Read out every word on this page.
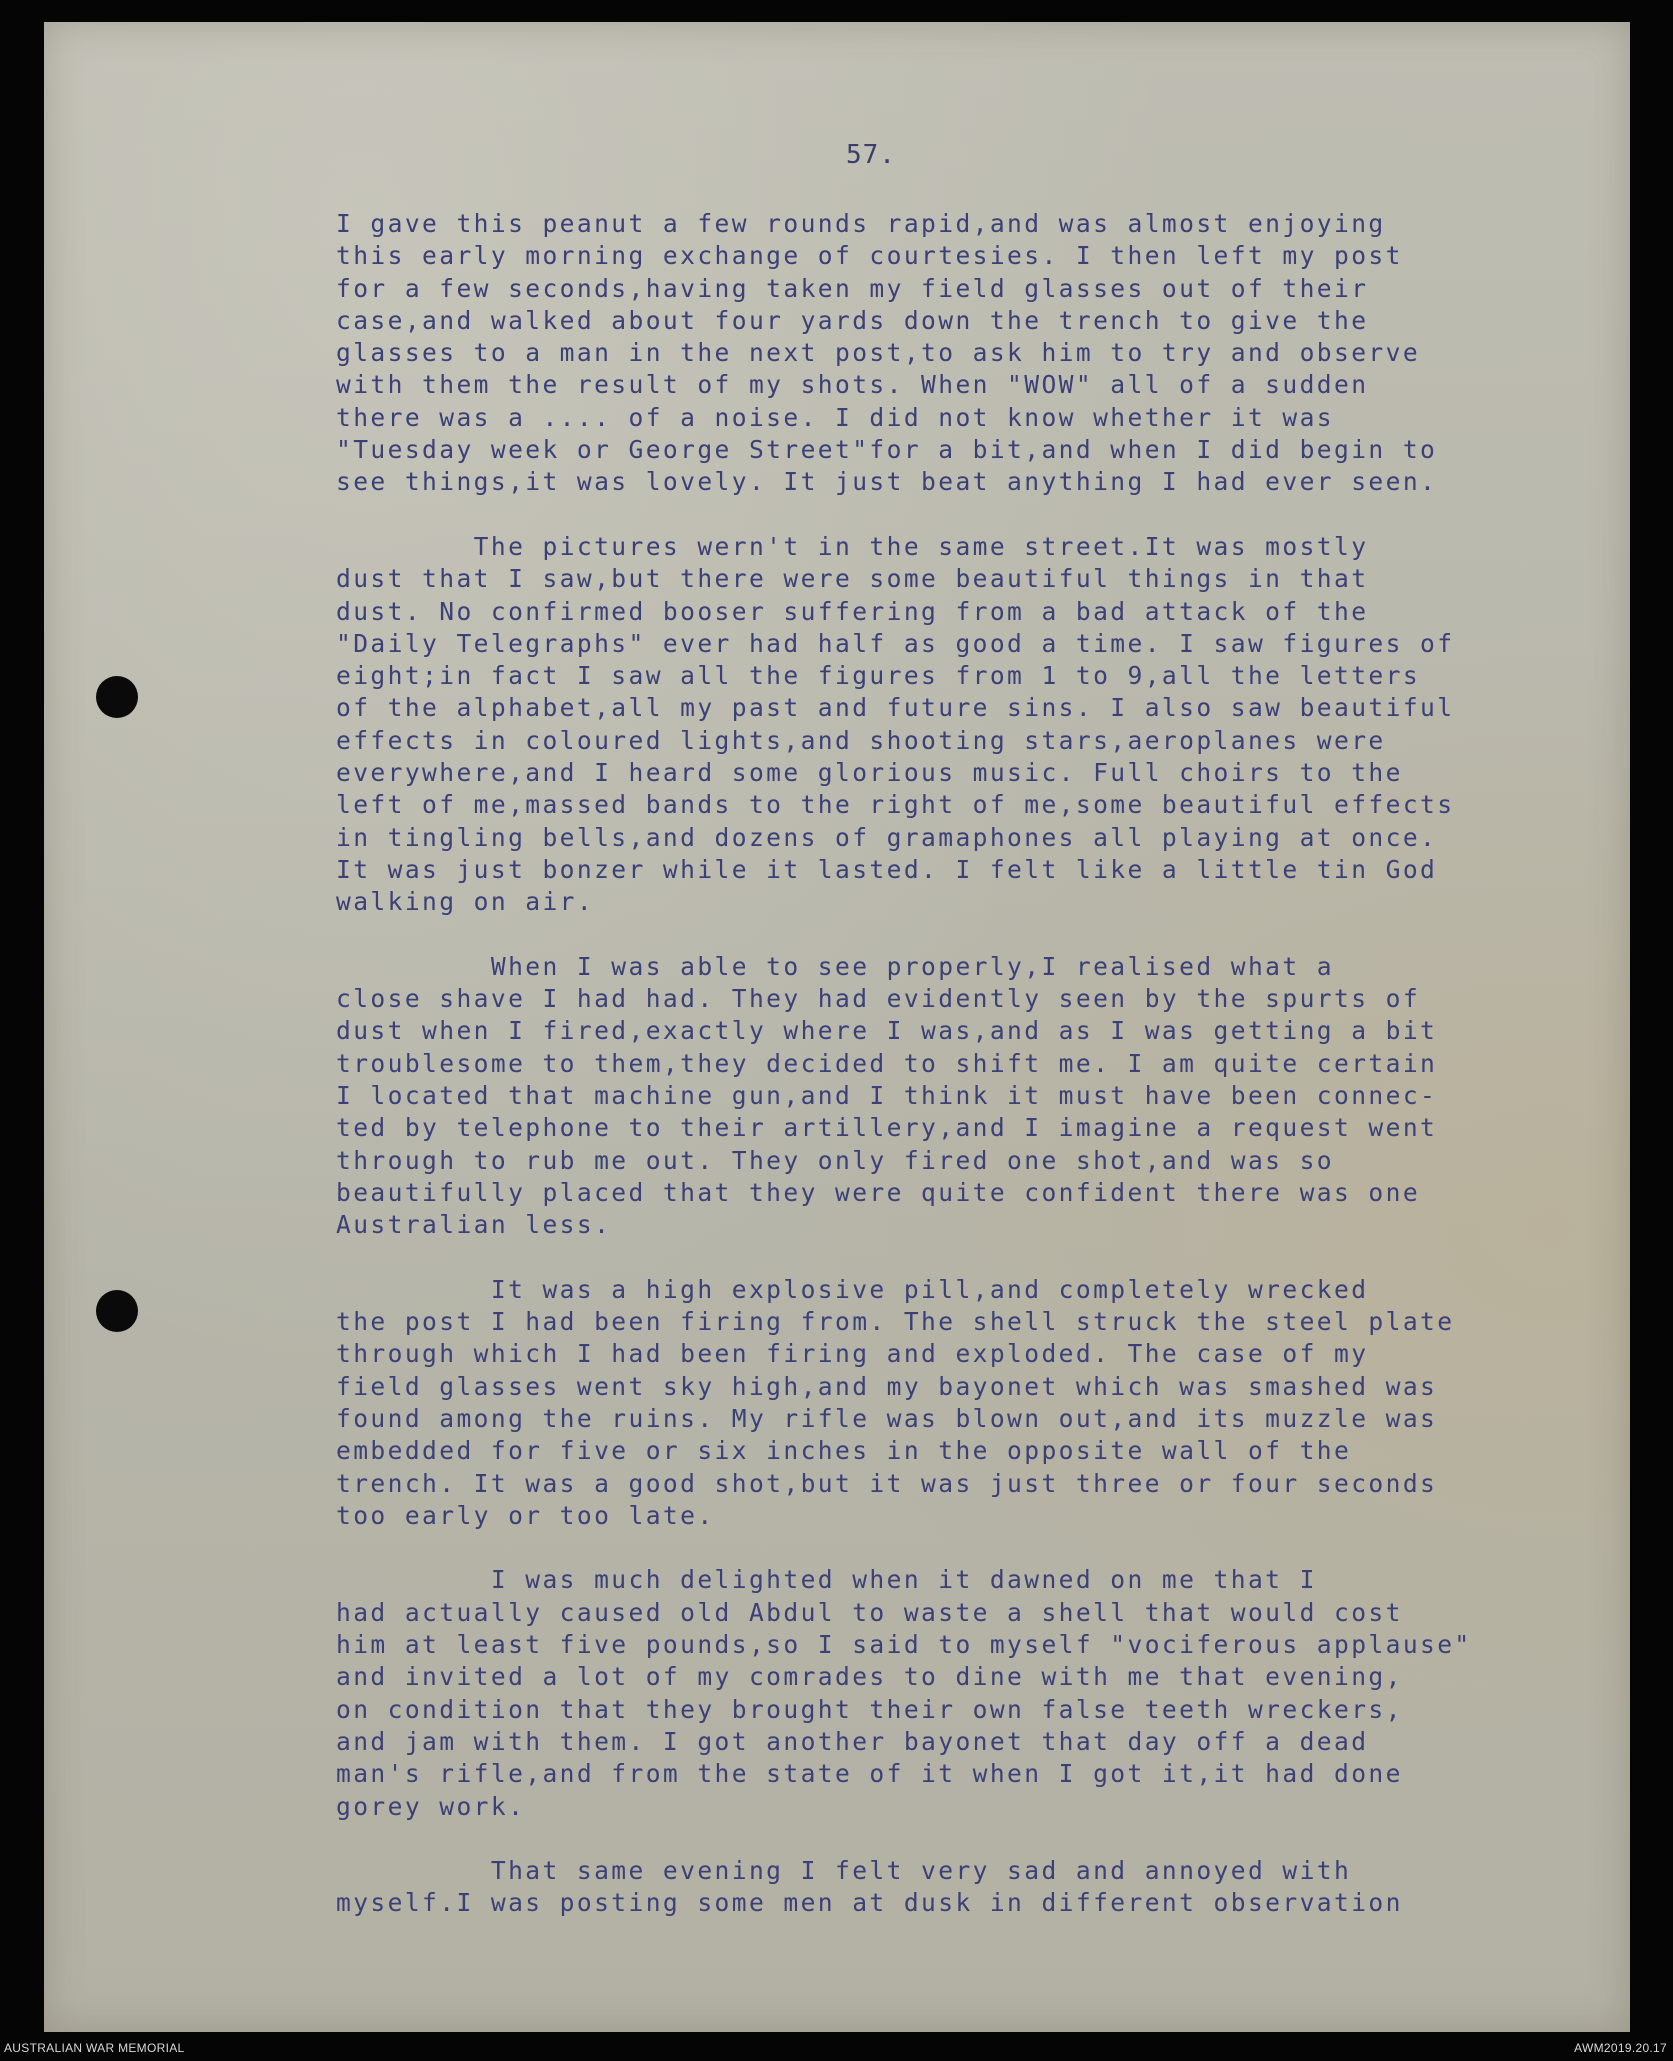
57.
I gave this peanut a few rounds rapid,and was almost enjoying
this early morning exchange of courtesies. I then left my post
for a few seconds,having taken my field glasses out of their
case,and walked about four yards down the trench to give the
glasses to a man in the next post,to ask him to try and observe
with them the result of my shots. When "WOW" all of a sudden
there was a .... of a noise. I did not know whether it was
"Tuesday week or George Street"for a bit,and when I did begin to
see things,it was lovely. It just beat anything I had ever seen.
The pictures wern't in the same street.It was mostly
dust that I saw,but there were some beautiful things in that
dust. No confirmed booser suffering from a bad attack of the
"Daily Telegraphs" ever had half as good a time. I saw figures of
eight;in fact I saw all the figures from 1 to 9,all the letters
of the alphabet,all my past and future sins. I also saw beautiful
effects in coloured lights,and shooting stars,aeroplanes were
everywhere,and I heard some glorious music. Full choirs to the
left of me,massed bands to the right of me,some beautiful effects
in tingling bells,and dozens of gramaphones all playing at once.
It was just bonzer while it lasted. I felt like a little tin God
walking on air.
When I was able to see properly,I realised what a
close shave I had had. They had evidently seen by the spurts of
dust when I fired,exactly where I was,and as I was getting a bit
troublesome to them,they decided to shift me. I am quite certain
I located that machine gun,and I think it must have been connec-
ted by telephone to their artillery,and I imagine a request went
through to rub me out. They only fired one shot,and was so
beautifully placed that they were quite confident there was one
Australian less.
It was a high explosive pill,and completely wrecked
the post I had been firing from. The shell struck the steel plate
through which I had been firing and exploded. The case of my
field glasses went sky high,and my bayonet which was smashed was
found among the ruins. My rifle was blown out,and its muzzle was
embedded for five or six inches in the opposite wall of the
trench. It was a good shot,but it was just three or four seconds
too early or too late.
I was much delighted when it dawned on me that I
had actually caused old Abdul to waste a shell that would cost
him at least five pounds,so I said to myself "vociferous applause"
and invited a lot of my comrades to dine with me that evening,
on condition that they brought their own false teeth wreckers,
and jam with them. I got another bayonet that day off a dead
man's rifle,and from the state of it when I got it,it had done
gorey work.
That same evening I felt very sad and annoyed with
myself.I was posting some men at dusk in different observation
AUSTRALIAN WAR MEMORIAL	AWM2019.20.17
